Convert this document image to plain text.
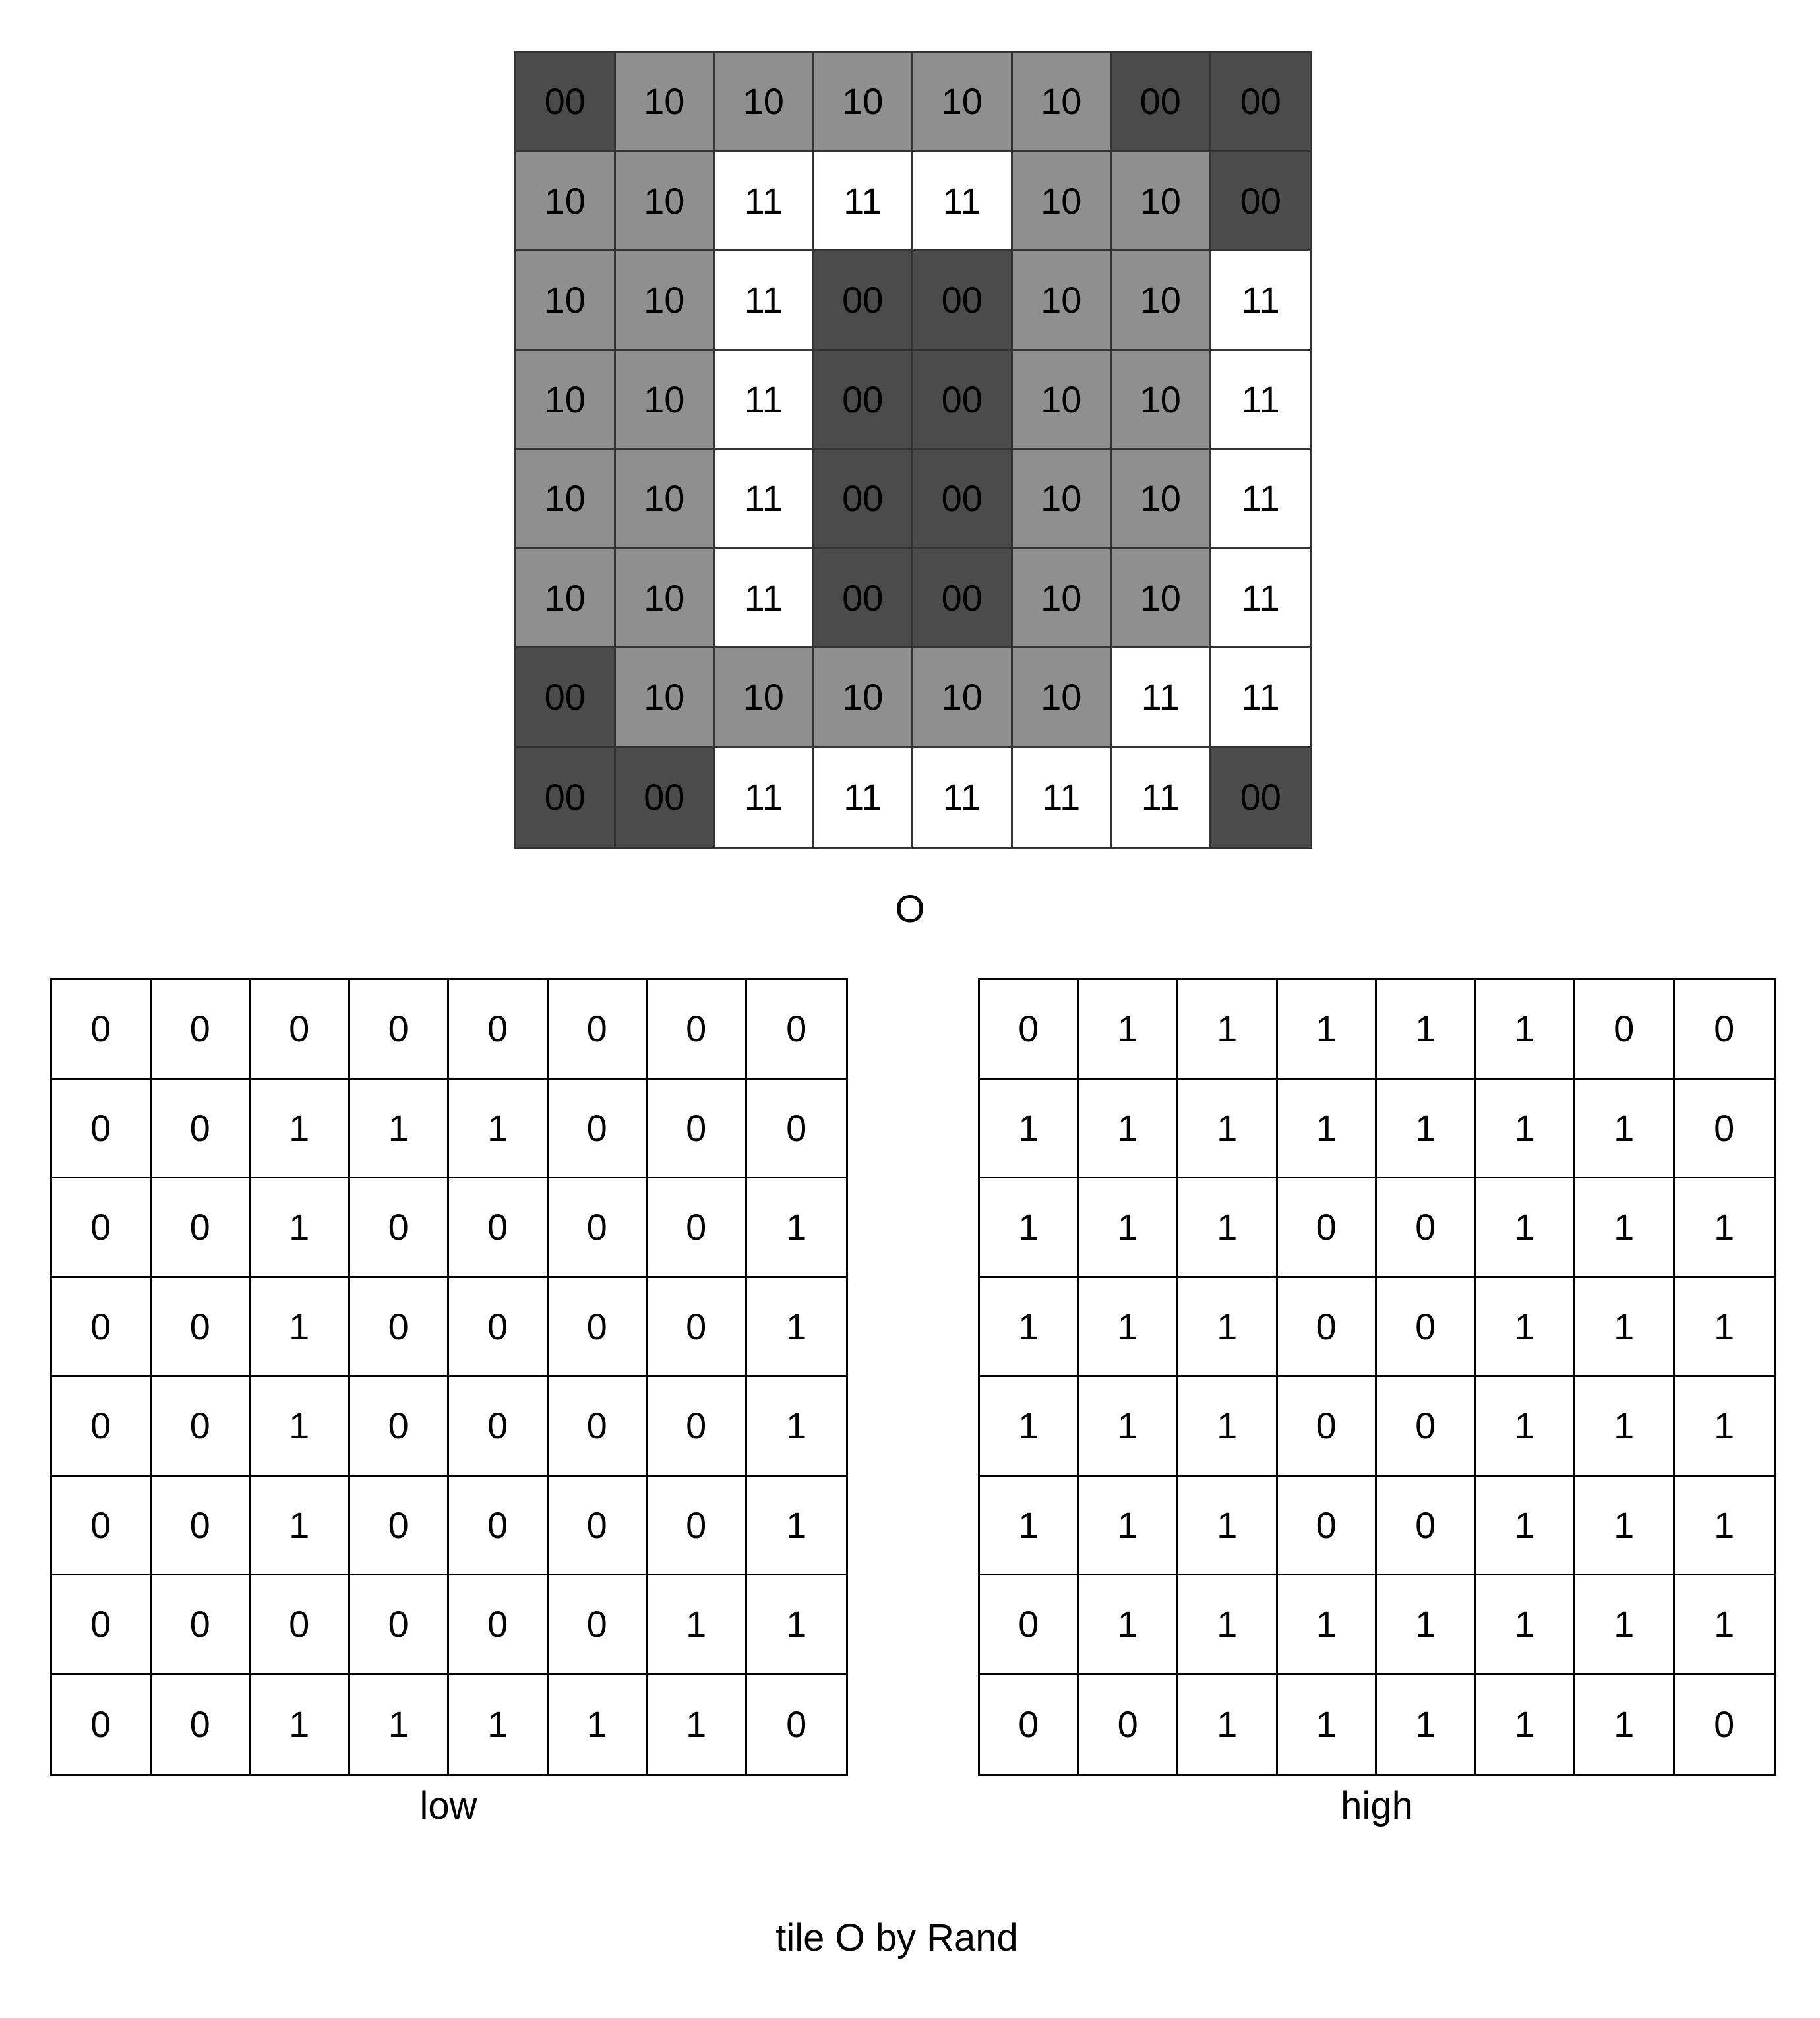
00	10	10	10	10	10	00	00
10	10	11	11	11	10	10	00
10	10	11	00	00	10	10	11
10	10	11	00	00	10	10	11
10	10	11	00	00	10	10	11
10	10	11	00	00	10	10	11
00	10	10	10	10	10	11	11
00	00	11	11	11	11	11	00
O
0	0	0	0	0	0	0	0
0	0	1	1	1	0	0	0
0	0	1	0	0	0	0	1
0	0	1	0	0	0	0	1
0	0	1	0	0	0	0	1
0	0	1	0	0	0	0	1
0	0	0	0	0	0	1	1
0	0	1	1	1	1	1	0
low
0	1	1	1	1	1	0	0
1	1	1	1	1	1	1	0
1	1	1	0	0	1	1	1
1	1	1	0	0	1	1	1
1	1	1	0	0	1	1	1
1	1	1	0	0	1	1	1
0	1	1	1	1	1	1	1
0	0	1	1	1	1	1	0
high
tile O by Rand
